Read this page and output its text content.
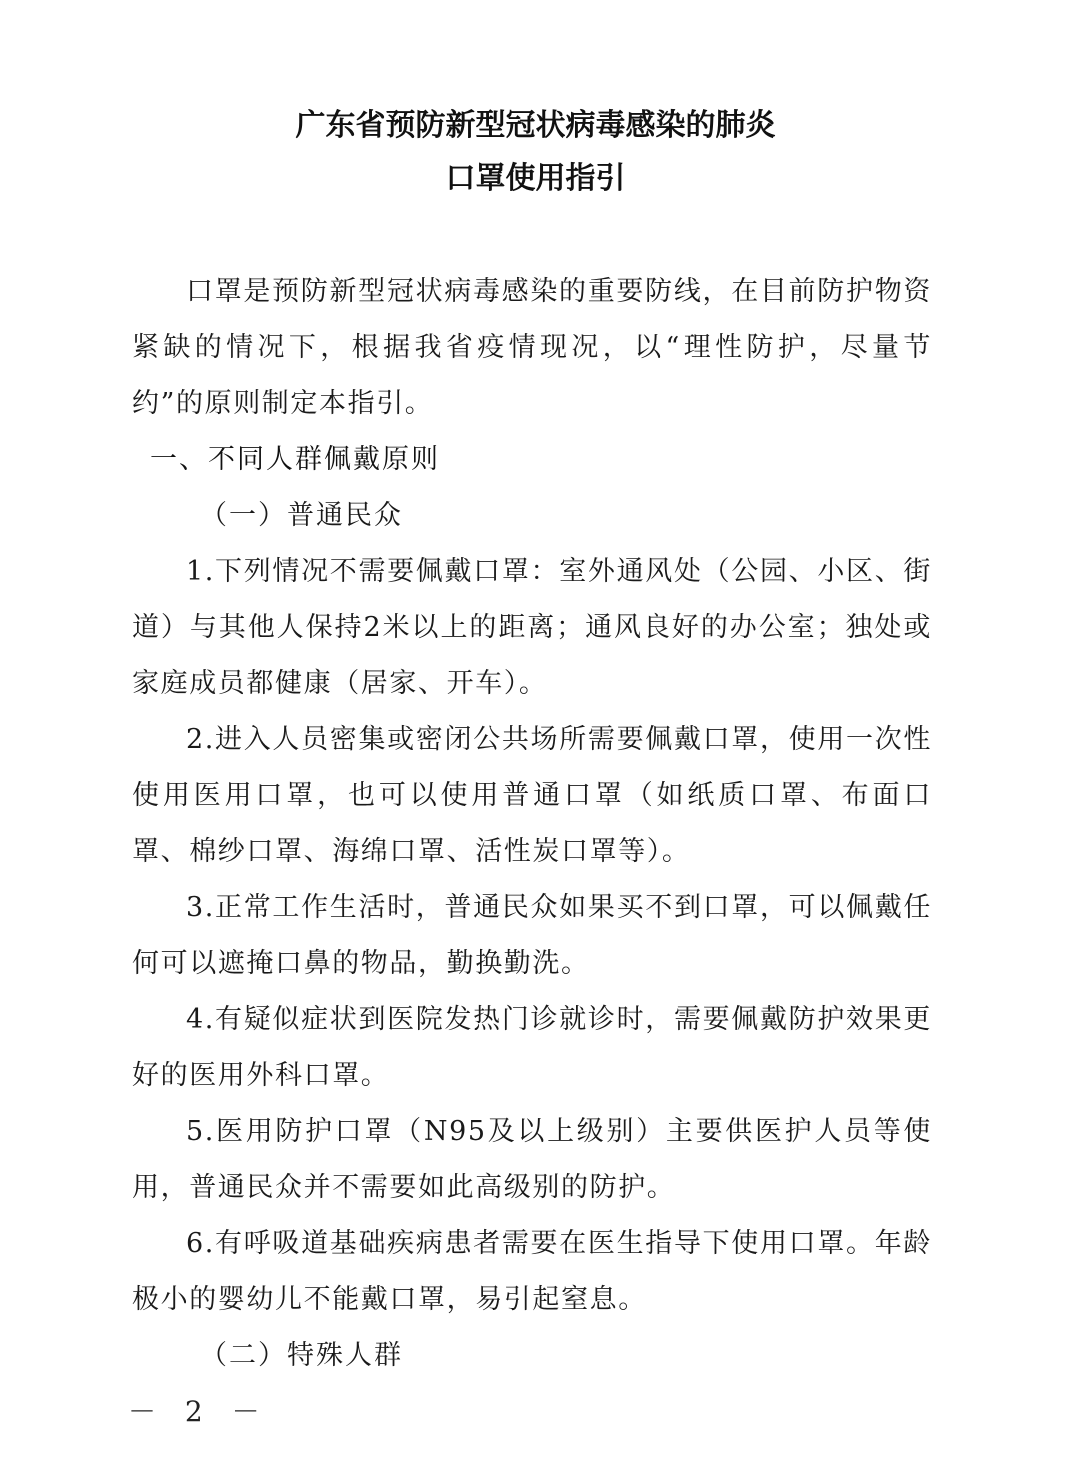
广东省预防新型冠状病毒感染的肺炎
口罩使用指引

口罩是预防新型冠状病毒感染的重要防线，在目前防护物资紧缺的情况下，根据我省疫情现况，以“理性防护，尽量节约”的原则制定本指引。

一、不同人群佩戴原则

（一）普通民众

1.下列情况不需要佩戴口罩：室外通风处（公园、小区、街道）与其他人保持2米以上的距离；通风良好的办公室；独处或家庭成员都健康（居家、开车）。

2.进入人员密集或密闭公共场所需要佩戴口罩，使用一次性使用医用口罩，也可以使用普通口罩（如纸质口罩、布面口罩、棉纱口罩、海绵口罩、活性炭口罩等）。

3.正常工作生活时，普通民众如果买不到口罩，可以佩戴任何可以遮掩口鼻的物品，勤换勤洗。

4.有疑似症状到医院发热门诊就诊时，需要佩戴防护效果更好的医用外科口罩。

5.医用防护口罩（N95及以上级别）主要供医护人员等使用，普通民众并不需要如此高级别的防护。

6.有呼吸道基础疾病患者需要在医生指导下使用口罩。年龄极小的婴幼儿不能戴口罩，易引起窒息。

（二）特殊人群

－ 2 －
